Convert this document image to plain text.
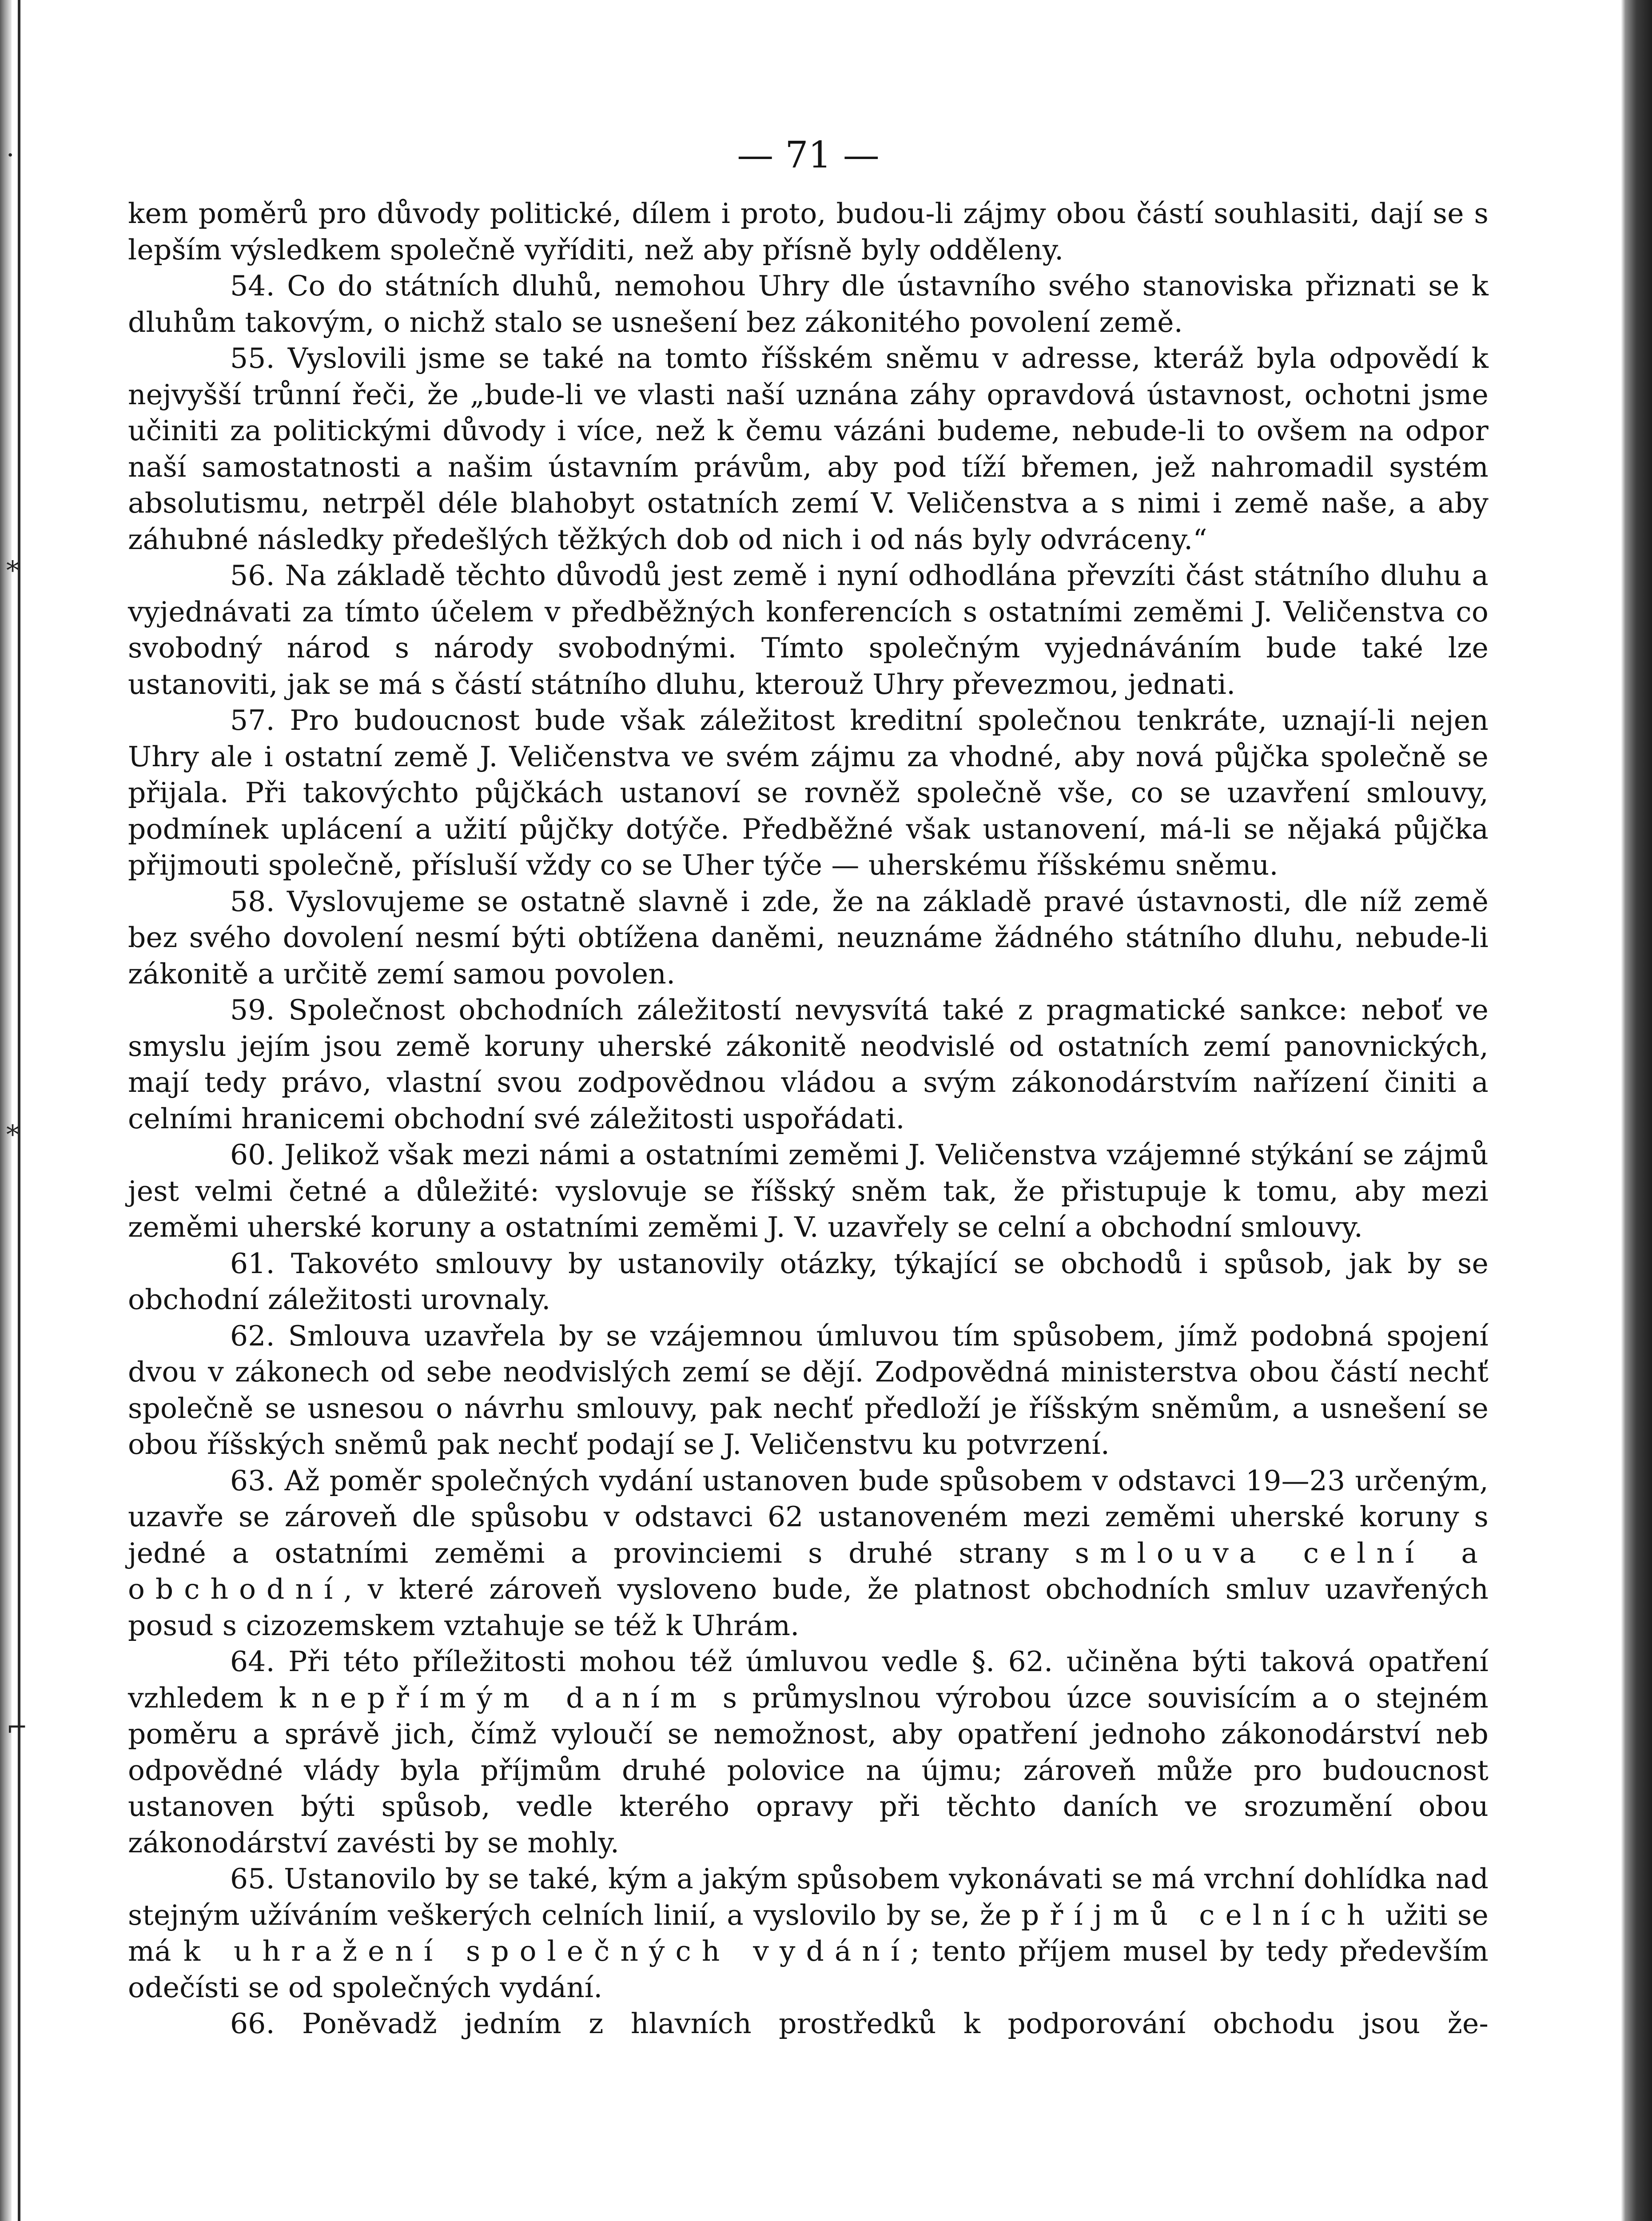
·
*
*
⌐
— 71 —

kem poměrů pro důvody politické, dílem i proto, budou-li zájmy obou částí souhlasiti, dají se s lepším výsledkem společně vyříditi, než aby přísně byly odděleny.

54. Co do státních dluhů, nemohou Uhry dle ústavního svého stanoviska přiznati se k dluhům takovým, o nichž stalo se usnešení bez zákonitého povolení země.

55. Vyslovili jsme se také na tomto říšském sněmu v adresse, kteráž byla odpovědí k nejvyšší trůnní řeči, že „bude-li ve vlasti naší uznána záhy opravdová ústavnost, ochotni jsme učiniti za politickými důvody i více, než k čemu vázáni budeme, nebude-li to ovšem na odpor naší samostatnosti a našim ústavním právům, aby pod tíží břemen, jež nahromadil systém absolutismu, netrpěl déle blahobyt ostatních zemí V. Veličenstva a s nimi i země naše, a aby záhubné následky předešlých těžkých dob od nich i od nás byly odvráceny.“

56. Na základě těchto důvodů jest země i nyní odhodlána převzíti část státního dluhu a vyjednávati za tímto účelem v předběžných konferencích s ostatními zeměmi J. Veličenstva co svobodný národ s národy svobodnými. Tímto společným vyjednáváním bude také lze ustanoviti, jak se má s částí státního dluhu, kterouž Uhry převezmou, jednati.

57. Pro budoucnost bude však záležitost kreditní společnou tenkráte, uznají-li nejen Uhry ale i ostatní země J. Veličenstva ve svém zájmu za vhodné, aby nová půjčka společně se přijala. Při takovýchto půjčkách ustanoví se rovněž společně vše, co se uzavření smlouvy, podmínek uplácení a užití půjčky dotýče. Předběžné však ustanovení, má-li se nějaká půjčka přijmouti společně, přísluší vždy co se Uher týče — uherskému říšskému sněmu.

58. Vyslovujeme se ostatně slavně i zde, že na základě pravé ústavnosti, dle níž země bez svého dovolení nesmí býti obtížena daněmi, neuznáme žádného státního dluhu, nebude-li zákonitě a určitě zemí samou povolen.

59. Společnost obchodních záležitostí nevysvítá také z pragmatické sankce: neboť ve smyslu jejím jsou země koruny uherské zákonitě neodvislé od ostatních zemí panovnických, mají tedy právo, vlastní svou zodpovědnou vládou a svým zákonodárstvím nařízení činiti a celními hranicemi obchodní své záležitosti uspořádati.

60. Jelikož však mezi námi a ostatními zeměmi J. Veličenstva vzájemné stýkání se zájmů jest velmi četné a důležité: vyslovuje se říšský sněm tak, že přistupuje k tomu, aby mezi zeměmi uherské koruny a ostatními zeměmi J. V. uzavřely se celní a obchodní smlouvy.

61. Takovéto smlouvy by ustanovily otázky, týkající se obchodů i spůsob, jak by se obchodní záležitosti urovnaly.

62. Smlouva uzavřela by se vzájemnou úmluvou tím spůsobem, jímž podobná spojení dvou v zákonech od sebe neodvislých zemí se dějí. Zodpovědná ministerstva obou částí nechť společně se usnesou o návrhu smlouvy, pak nechť předloží je říšským sněmům, a usnešení se obou říšských sněmů pak nechť podají se J. Veličenstvu ku potvrzení.

63. Až poměr společných vydání ustanoven bude spůsobem v odstavci 19—23 určeným, uzavře se zároveň dle spůsobu v odstavci 62 ustanoveném mezi zeměmi uherské koruny s jedné a ostatními zeměmi a provinciemi s druhé strany smlouva celní a obchodní, v které zároveň vysloveno bude, že platnost obchodních smluv uzavřených posud s cizozemskem vztahuje se též k Uhrám.

64. Při této příležitosti mohou též úmluvou vedle §. 62. učiněna býti taková opatření vzhledem k nepřímým daním s průmyslnou výrobou úzce souvisícím a o stejném poměru a správě jich, čímž vyloučí se nemožnost, aby opatření jednoho zákonodárství neb odpovědné vlády byla příjmům druhé polovice na újmu; zároveň může pro budoucnost ustanoven býti spůsob, vedle kterého opravy při těchto daních ve srozumění obou zákonodárství zavésti by se mohly.

65. Ustanovilo by se také, kým a jakým spůsobem vykonávati se má vrchní dohlídka nad stejným užíváním veškerých celních linií, a vyslovilo by se, že příjmů celních užiti se má k uhražení společných vydání; tento příjem musel by tedy především odečísti se od společných vydání.

66. Poněvadž jedním z hlavních prostředků k podporování obchodu jsou že-
